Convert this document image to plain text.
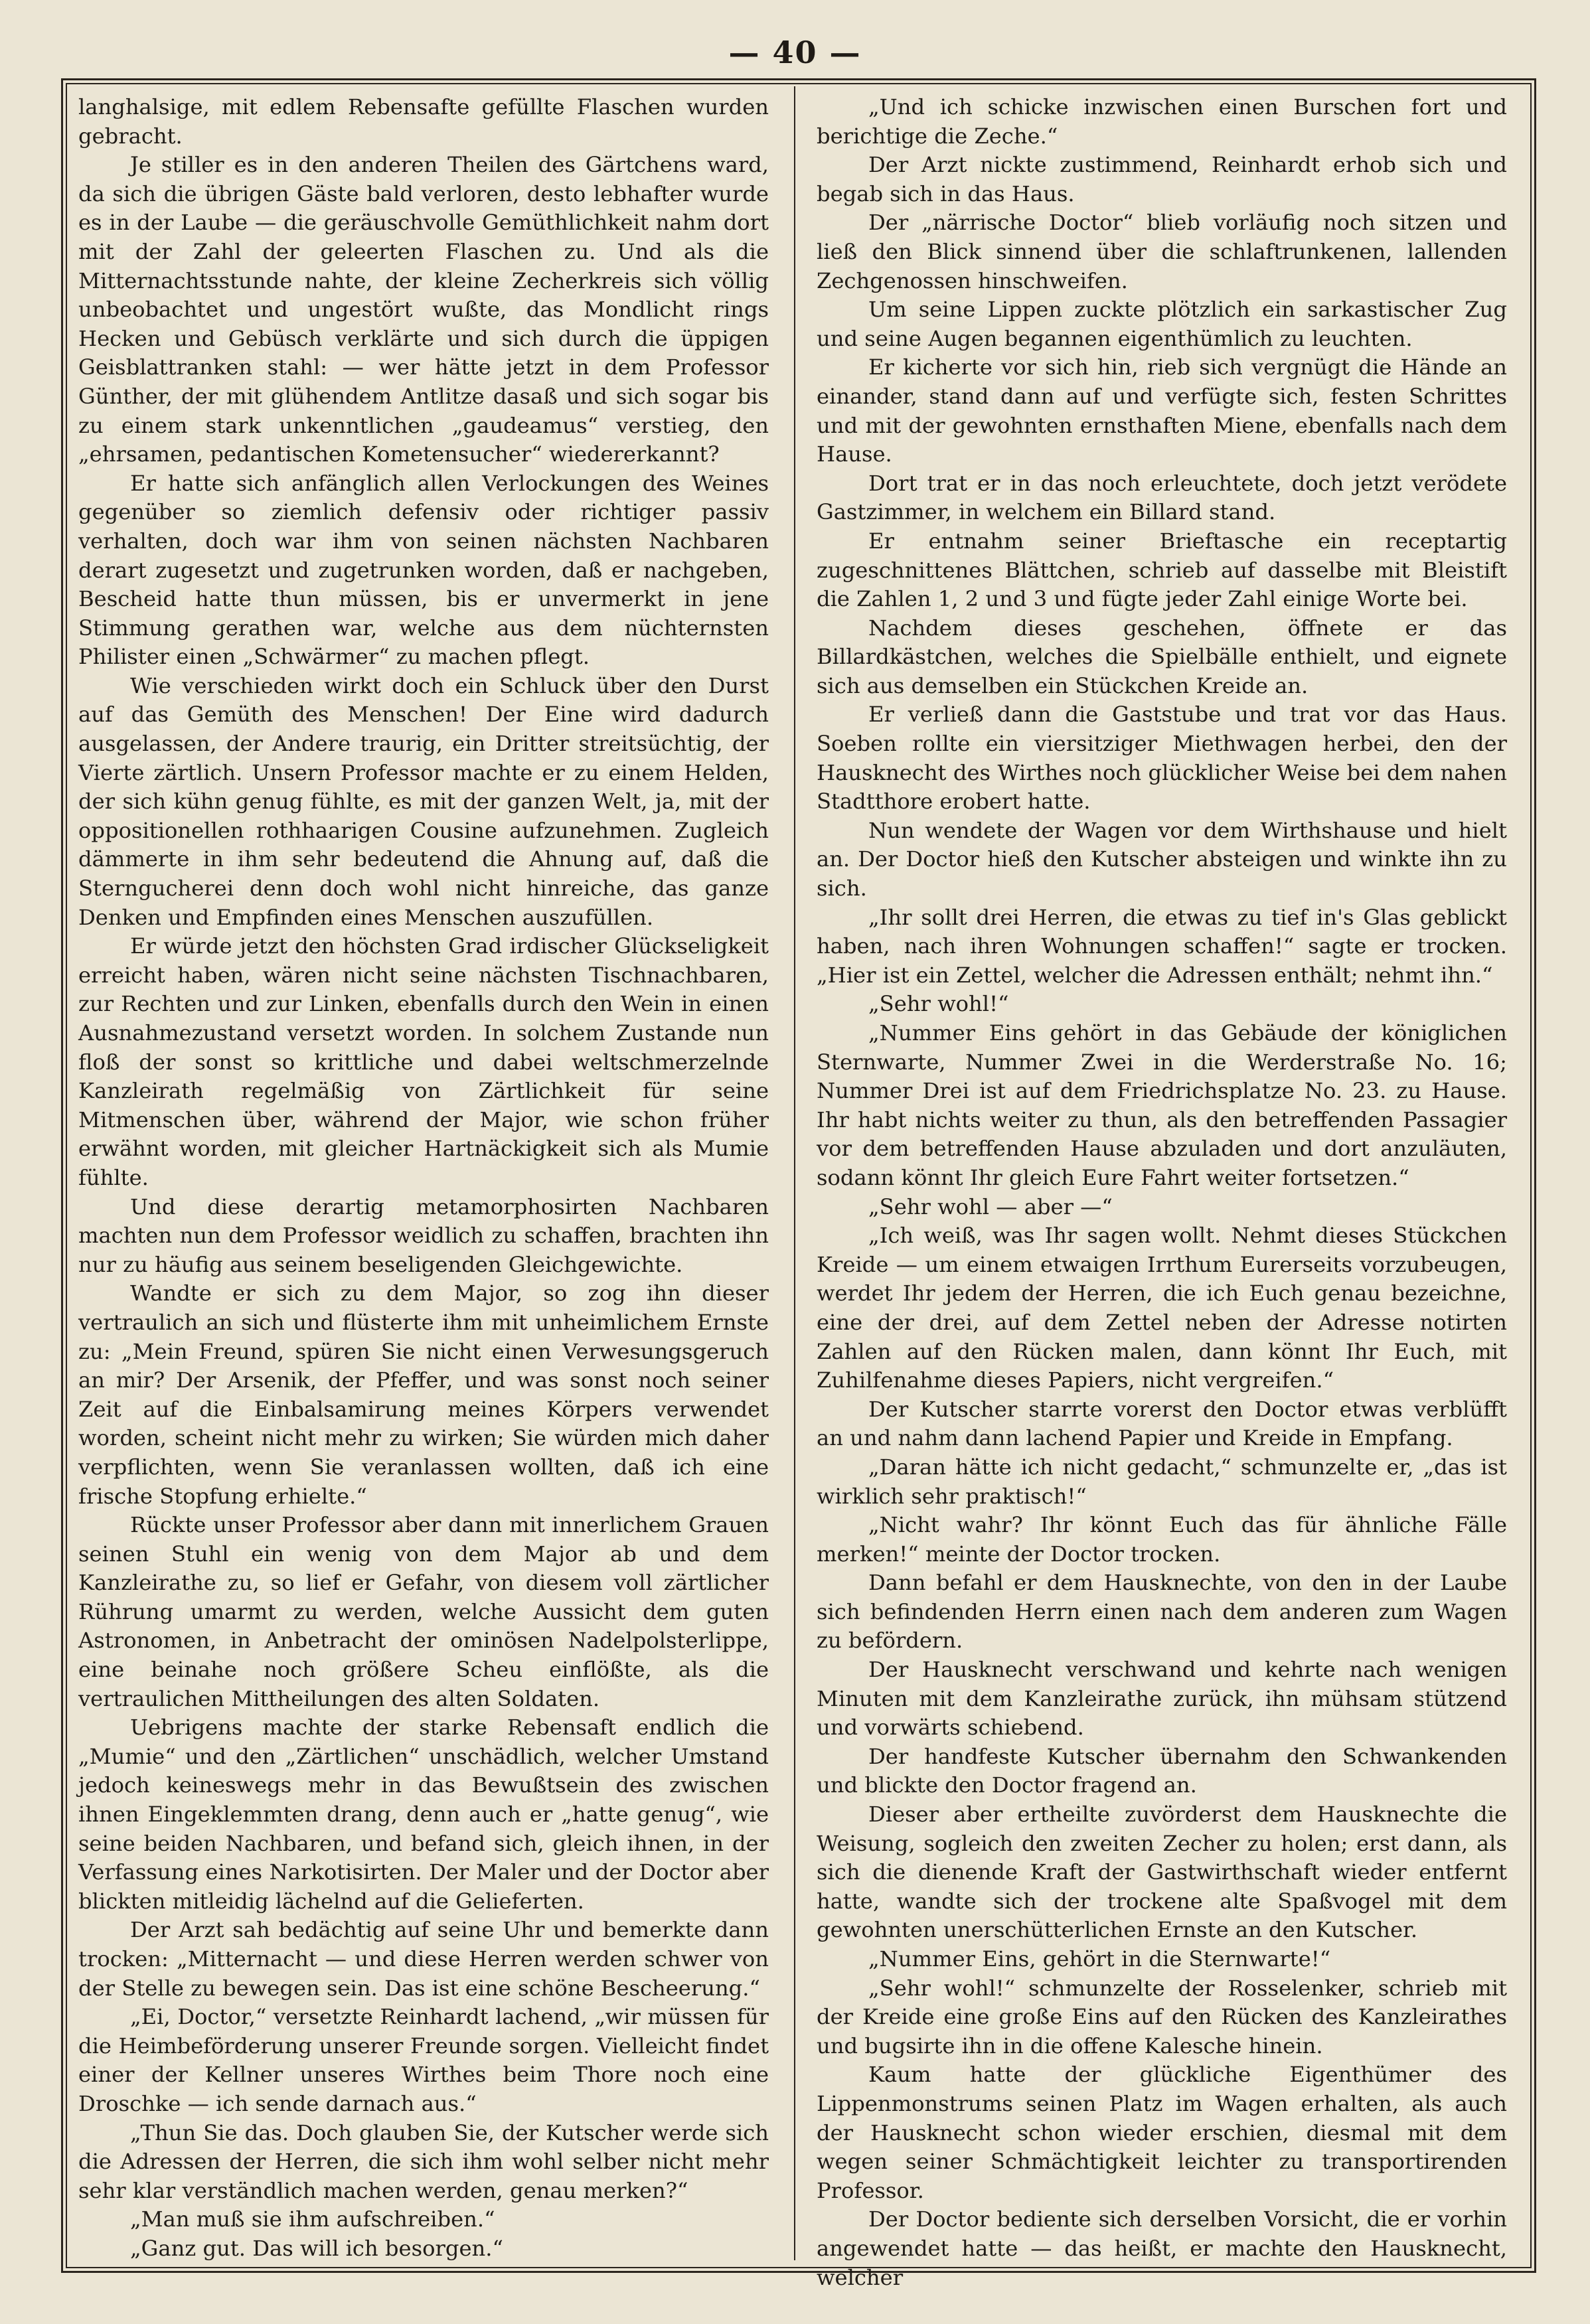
— 40 —

langhalsige, mit edlem Rebensafte gefüllte Flaschen wurden gebracht.

Je stiller es in den anderen Theilen des Gärtchens ward, da sich die übrigen Gäste bald verloren, desto lebhafter wurde es in der Laube — die geräuschvolle Gemüthlichkeit nahm dort mit der Zahl der geleerten Flaschen zu. Und als die Mitternachtsstunde nahte, der kleine Zecherkreis sich völlig unbeobachtet und ungestört wußte, das Mondlicht rings Hecken und Gebüsch verklärte und sich durch die üppigen Geisblattranken stahl: — wer hätte jetzt in dem Professor Günther, der mit glühendem Antlitze dasaß und sich sogar bis zu einem stark unkenntlichen „gaudeamus“ verstieg, den „ehrsamen, pedantischen Kometensucher“ wiedererkannt?

Er hatte sich anfänglich allen Verlockungen des Weines gegenüber so ziemlich defensiv oder richtiger passiv verhalten, doch war ihm von seinen nächsten Nachbaren derart zugesetzt und zugetrunken worden, daß er nachgeben, Bescheid hatte thun müssen, bis er unvermerkt in jene Stimmung gerathen war, welche aus dem nüchternsten Philister einen „Schwärmer“ zu machen pflegt.

Wie verschieden wirkt doch ein Schluck über den Durst auf das Gemüth des Menschen! Der Eine wird dadurch ausgelassen, der Andere traurig, ein Dritter streitsüchtig, der Vierte zärtlich. Unsern Professor machte er zu einem Helden, der sich kühn genug fühlte, es mit der ganzen Welt, ja, mit der oppositionellen rothhaarigen Cousine aufzunehmen. Zugleich dämmerte in ihm sehr bedeutend die Ahnung auf, daß die Sterngucherei denn doch wohl nicht hinreiche, das ganze Denken und Empfinden eines Menschen auszufüllen.

Er würde jetzt den höchsten Grad irdischer Glückseligkeit erreicht haben, wären nicht seine nächsten Tischnachbaren, zur Rechten und zur Linken, ebenfalls durch den Wein in einen Ausnahmezustand versetzt worden. In solchem Zustande nun floß der sonst so krittliche und dabei weltschmerzelnde Kanzleirath regelmäßig von Zärtlichkeit für seine Mitmenschen über, während der Major, wie schon früher erwähnt worden, mit gleicher Hartnäckigkeit sich als Mumie fühlte.

Und diese derartig metamorphosirten Nachbaren machten nun dem Professor weidlich zu schaffen, brachten ihn nur zu häufig aus seinem beseligenden Gleichgewichte.

Wandte er sich zu dem Major, so zog ihn dieser vertraulich an sich und flüsterte ihm mit unheimlichem Ernste zu: „Mein Freund, spüren Sie nicht einen Verwesungsgeruch an mir? Der Arsenik, der Pfeffer, und was sonst noch seiner Zeit auf die Einbalsamirung meines Körpers verwendet worden, scheint nicht mehr zu wirken; Sie würden mich daher verpflichten, wenn Sie veranlassen wollten, daß ich eine frische Stopfung erhielte.“

Rückte unser Professor aber dann mit innerlichem Grauen seinen Stuhl ein wenig von dem Major ab und dem Kanzleirathe zu, so lief er Gefahr, von diesem voll zärtlicher Rührung umarmt zu werden, welche Aussicht dem guten Astronomen, in Anbetracht der ominösen Nadelpolsterlippe, eine beinahe noch größere Scheu einflößte, als die vertraulichen Mittheilungen des alten Soldaten.

Uebrigens machte der starke Rebensaft endlich die „Mumie“ und den „Zärtlichen“ unschädlich, welcher Umstand jedoch keineswegs mehr in das Bewußtsein des zwischen ihnen Eingeklemmten drang, denn auch er „hatte genug“, wie seine beiden Nachbaren, und befand sich, gleich ihnen, in der Verfassung eines Narkotisirten. Der Maler und der Doctor aber blickten mitleidig lächelnd auf die Gelieferten.

Der Arzt sah bedächtig auf seine Uhr und bemerkte dann trocken: „Mitternacht — und diese Herren werden schwer von der Stelle zu bewegen sein. Das ist eine schöne Bescheerung.“

„Ei, Doctor,“ versetzte Reinhardt lachend, „wir müssen für die Heimbeförderung unserer Freunde sorgen. Vielleicht findet einer der Kellner unseres Wirthes beim Thore noch eine Droschke — ich sende darnach aus.“

„Thun Sie das. Doch glauben Sie, der Kutscher werde sich die Adressen der Herren, die sich ihm wohl selber nicht mehr sehr klar verständlich machen werden, genau merken?“

„Man muß sie ihm aufschreiben.“

„Ganz gut. Das will ich besorgen.“

„Und ich schicke inzwischen einen Burschen fort und berichtige die Zeche.“

Der Arzt nickte zustimmend, Reinhardt erhob sich und begab sich in das Haus.

Der „närrische Doctor“ blieb vorläufig noch sitzen und ließ den Blick sinnend über die schlaftrunkenen, lallenden Zechgenossen hinschweifen.

Um seine Lippen zuckte plötzlich ein sarkastischer Zug und seine Augen begannen eigenthümlich zu leuchten.

Er kicherte vor sich hin, rieb sich vergnügt die Hände an einander, stand dann auf und verfügte sich, festen Schrittes und mit der gewohnten ernsthaften Miene, ebenfalls nach dem Hause.

Dort trat er in das noch erleuchtete, doch jetzt verödete Gastzimmer, in welchem ein Billard stand.

Er entnahm seiner Brieftasche ein receptartig zugeschnittenes Blättchen, schrieb auf dasselbe mit Bleistift die Zahlen 1, 2 und 3 und fügte jeder Zahl einige Worte bei.

Nachdem dieses geschehen, öffnete er das Billardkästchen, welches die Spielbälle enthielt, und eignete sich aus demselben ein Stückchen Kreide an.

Er verließ dann die Gaststube und trat vor das Haus. Soeben rollte ein viersitziger Miethwagen herbei, den der Hausknecht des Wirthes noch glücklicher Weise bei dem nahen Stadtthore erobert hatte.

Nun wendete der Wagen vor dem Wirthshause und hielt an. Der Doctor hieß den Kutscher absteigen und winkte ihn zu sich.

„Ihr sollt drei Herren, die etwas zu tief in's Glas geblickt haben, nach ihren Wohnungen schaffen!“ sagte er trocken. „Hier ist ein Zettel, welcher die Adressen enthält; nehmt ihn.“

„Sehr wohl!“

„Nummer Eins gehört in das Gebäude der königlichen Sternwarte, Nummer Zwei in die Werderstraße No. 16; Nummer Drei ist auf dem Friedrichsplatze No. 23. zu Hause. Ihr habt nichts weiter zu thun, als den betreffenden Passagier vor dem betreffenden Hause abzuladen und dort anzuläuten, sodann könnt Ihr gleich Eure Fahrt weiter fortsetzen.“

„Sehr wohl — aber —“

„Ich weiß, was Ihr sagen wollt. Nehmt dieses Stückchen Kreide — um einem etwaigen Irrthum Eurerseits vorzubeugen, werdet Ihr jedem der Herren, die ich Euch genau bezeichne, eine der drei, auf dem Zettel neben der Adresse notirten Zahlen auf den Rücken malen, dann könnt Ihr Euch, mit Zuhilfenahme dieses Papiers, nicht vergreifen.“

Der Kutscher starrte vorerst den Doctor etwas verblüfft an und nahm dann lachend Papier und Kreide in Empfang.

„Daran hätte ich nicht gedacht,“ schmunzelte er, „das ist wirklich sehr praktisch!“

„Nicht wahr? Ihr könnt Euch das für ähnliche Fälle merken!“ meinte der Doctor trocken.

Dann befahl er dem Hausknechte, von den in der Laube sich befindenden Herrn einen nach dem anderen zum Wagen zu befördern.

Der Hausknecht verschwand und kehrte nach wenigen Minuten mit dem Kanzleirathe zurück, ihn mühsam stützend und vorwärts schiebend.

Der handfeste Kutscher übernahm den Schwankenden und blickte den Doctor fragend an.

Dieser aber ertheilte zuvörderst dem Hausknechte die Weisung, sogleich den zweiten Zecher zu holen; erst dann, als sich die dienende Kraft der Gastwirthschaft wieder entfernt hatte, wandte sich der trockene alte Spaßvogel mit dem gewohnten unerschütterlichen Ernste an den Kutscher.

„Nummer Eins, gehört in die Sternwarte!“

„Sehr wohl!“ schmunzelte der Rosselenker, schrieb mit der Kreide eine große Eins auf den Rücken des Kanzleirathes und bugsirte ihn in die offene Kalesche hinein.

Kaum hatte der glückliche Eigenthümer des Lippenmonstrums seinen Platz im Wagen erhalten, als auch der Hausknecht schon wieder erschien, diesmal mit dem wegen seiner Schmächtigkeit leichter zu transportirenden Professor.

Der Doctor bediente sich derselben Vorsicht, die er vorhin angewendet hatte — das heißt, er machte den Hausknecht, welcher
